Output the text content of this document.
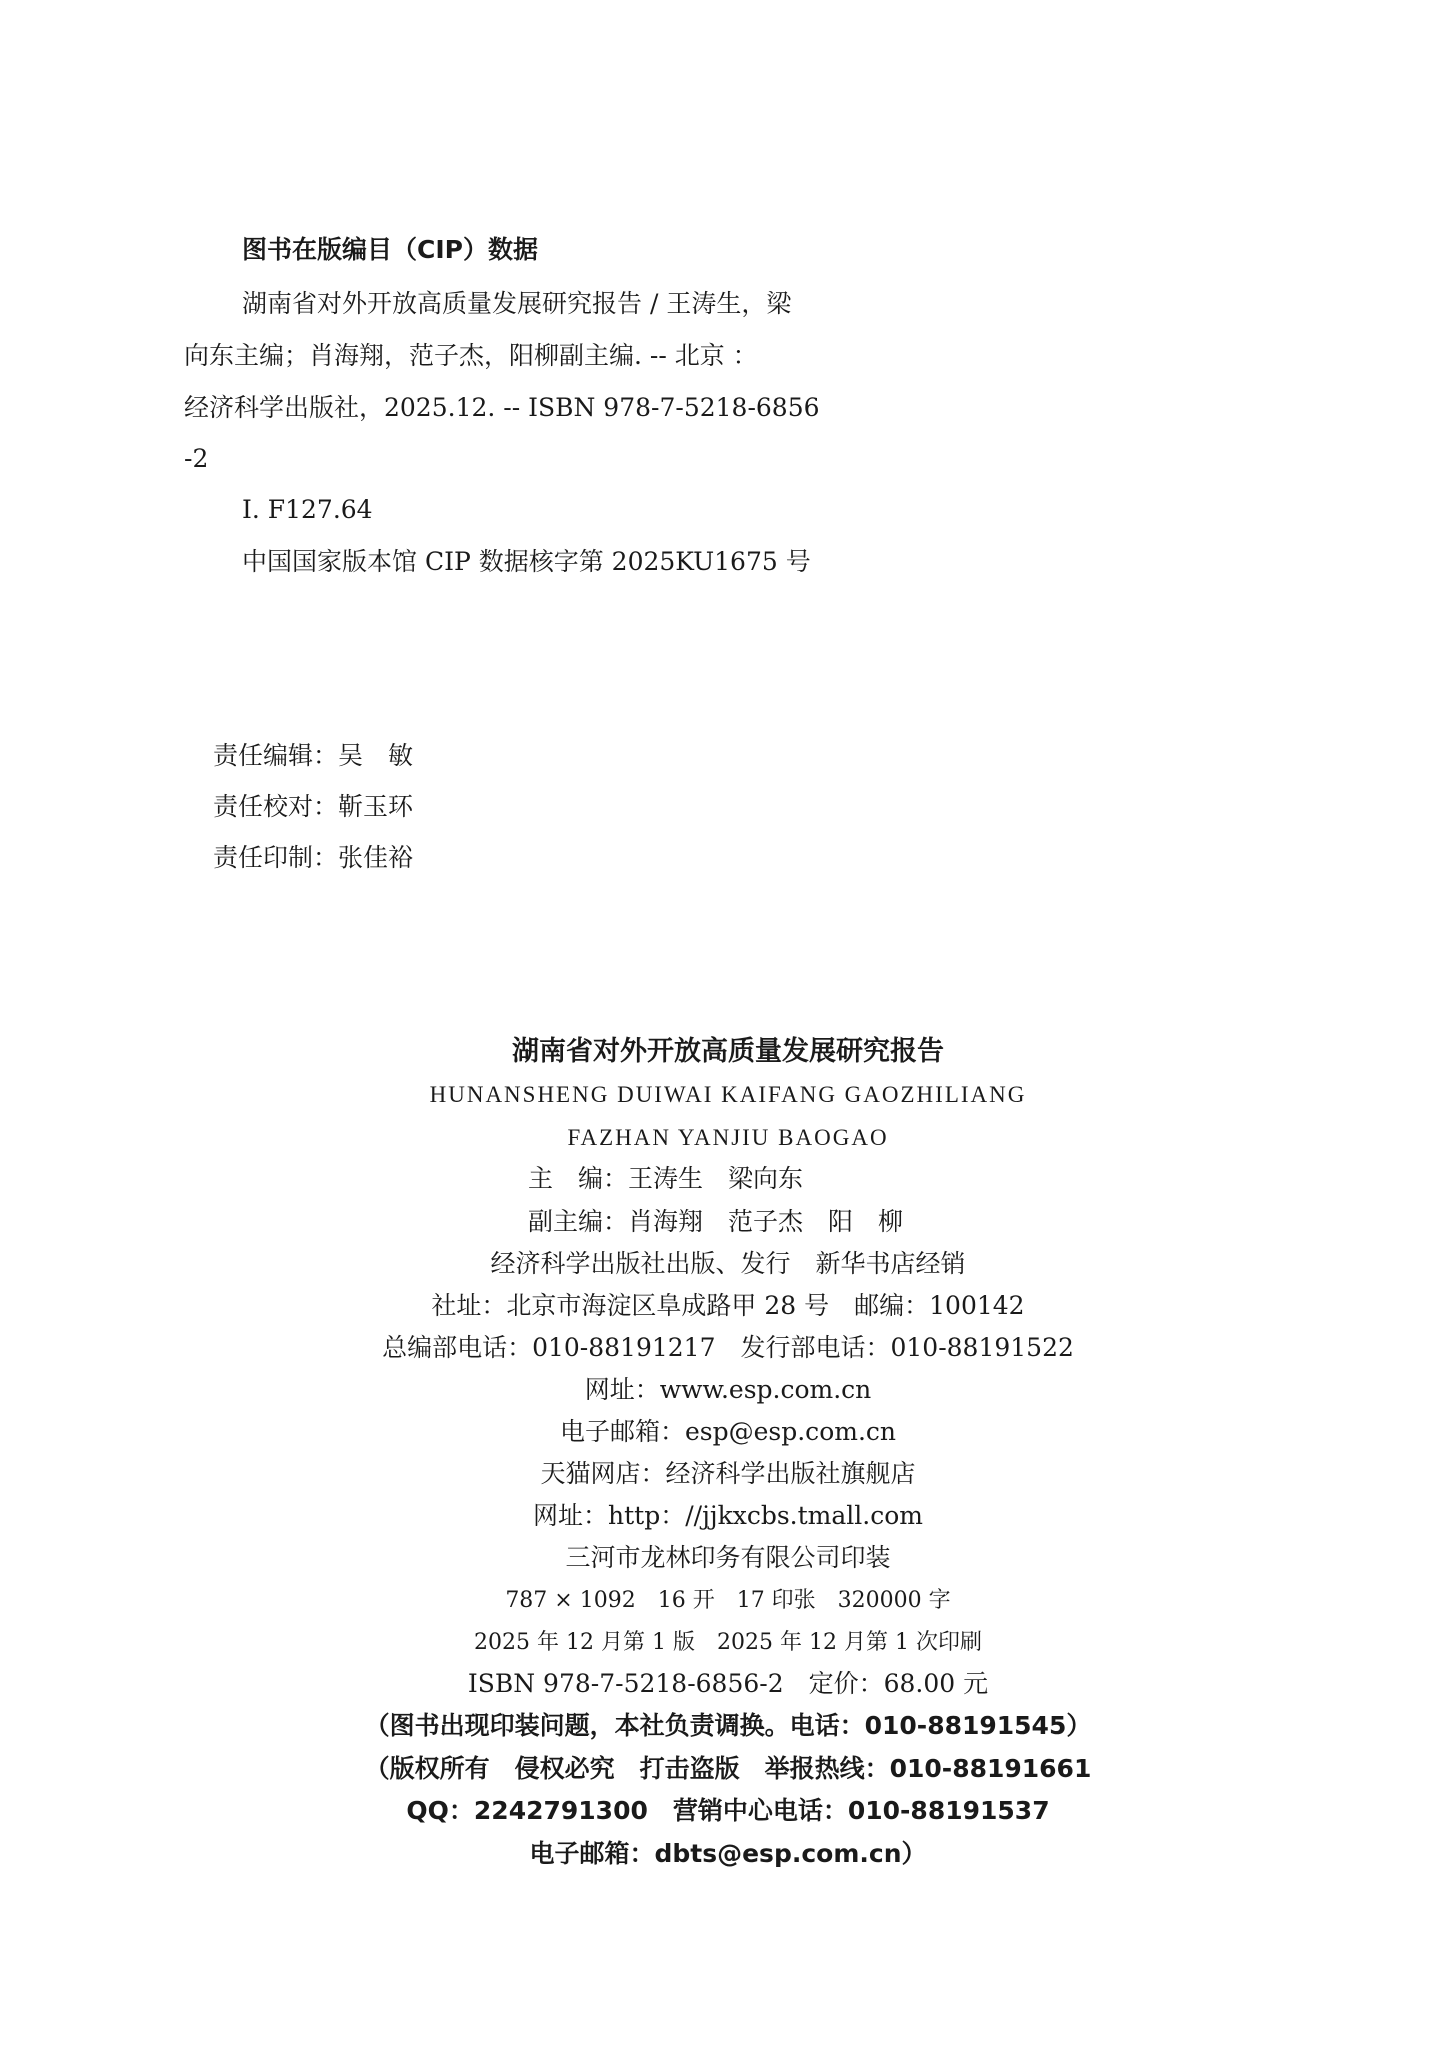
图书在版编目（CIP）数据
湖南省对外开放高质量发展研究报告 / 王涛生，梁
向东主编；肖海翔，范子杰，阳柳副主编. -- 北京 ：
经济科学出版社，2025.12. -- ISBN 978-7-5218-6856
-2
Ⅰ. F127.64
中国国家版本馆 CIP 数据核字第 2025KU1675 号
责任编辑：吴　敏
责任校对：靳玉环
责任印制：张佳裕
湖南省对外开放高质量发展研究报告
HUNANSHENG DUIWAI KAIFANG GAOZHILIANG
FAZHAN YANJIU BAOGAO
主　编：王涛生　梁向东
副主编：肖海翔　范子杰　阳　柳
经济科学出版社出版、发行　新华书店经销
社址：北京市海淀区阜成路甲 28 号　邮编：100142
总编部电话：010-88191217　发行部电话：010-88191522
网址：www.esp.com.cn
电子邮箱：esp@esp.com.cn
天猫网店：经济科学出版社旗舰店
网址：http：//jjkxcbs.tmall.com
三河市龙林印务有限公司印装
787 × 1092　16 开　17 印张　320000 字
2025 年 12 月第 1 版　2025 年 12 月第 1 次印刷
ISBN 978-7-5218-6856-2　定价：68.00 元
（图书出现印装问题，本社负责调换。电话：010-88191545）
（版权所有　侵权必究　打击盗版　举报热线：010-88191661
QQ：2242791300　营销中心电话：010-88191537
电子邮箱：dbts@esp.com.cn）
